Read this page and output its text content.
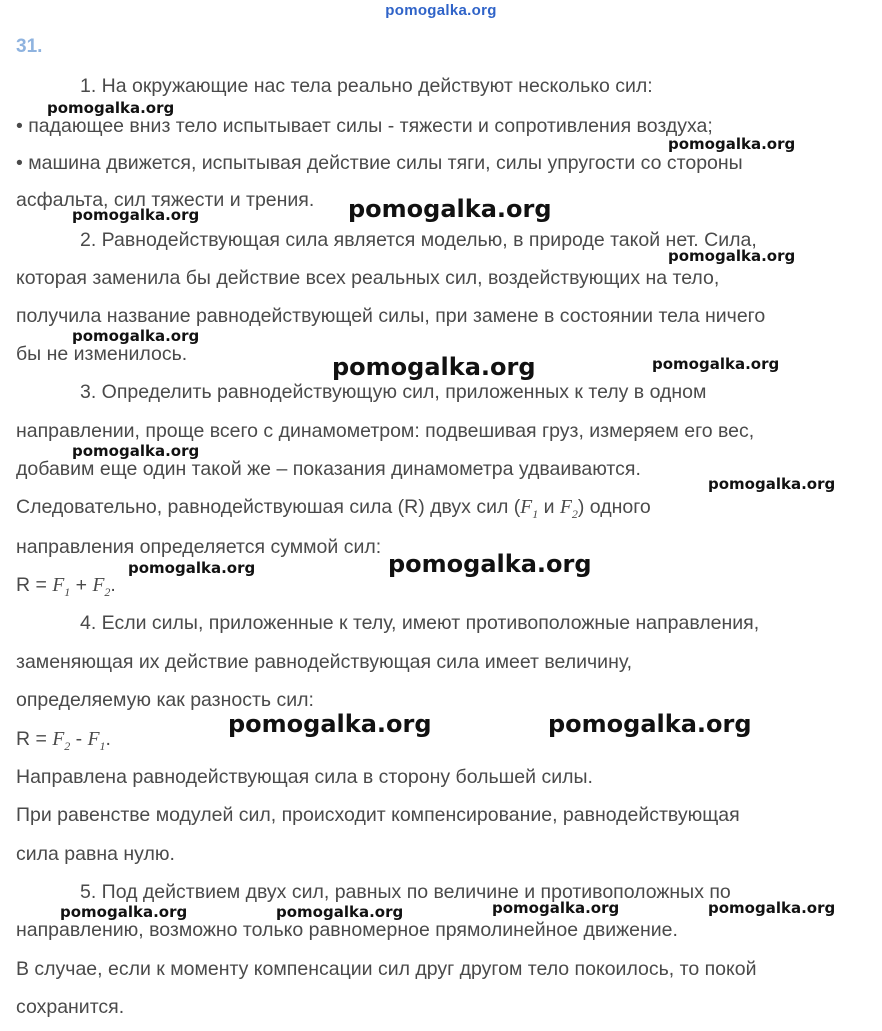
pomogalka.org
31.
1. На окружающие нас тела реально действуют несколько сил:
• падающее вниз тело испытывает силы - тяжести и сопротивления воздуха;
• машина движется, испытывая действие силы тяги, силы упругости со стороны
асфальта, сил тяжести и трения.
2. Равнодействующая сила является моделью, в природе такой нет. Сила,
которая заменила бы действие всех реальных сил, воздействующих на тело,
получила название равнодействующей силы, при замене в состоянии тела ничего
бы не изменилось.
3. Определить равнодействующую сил, приложенных к телу в одном
направлении, проще всего с динамометром: подвешивая груз, измеряем его вес,
добавим еще один такой же – показания динамометра удваиваются.
Следовательно, равнодействуюшая сила (R) двух сил ($F_1$ и $F_2$) одного
направления определяется суммой сил:
$R = F_1 + F_2$.
4. Если силы, приложенные к телу, имеют противоположные направления,
заменяющая их действие равнодействующая сила имеет величину,
определяемую как разность сил:
$R = F_2 - F_1$.
Направлена равнодействующая сила в сторону большей силы.
При равенстве модулей сил, происходит компенсирование, равнодействующая
сила равна нулю.
5. Под действием двух сил, равных по величине и противоположных по
направлению, возможно только равномерное прямолинейное движение.
В случае, если к моменту компенсации сил друг другом тело покоилось, то покой
сохранится.
pomogalka.org
pomogalka.org	pomogalka.org
pomogalka.org
pomogalka.org
pomogalka.org
pomogalka.org	pomogalka.org
pomogalka.org
pomogalka.org
pomogalka.org	pomogalka.org
pomogalka.org	pomogalka.org
pomogalka.org	pomogalka.org	pomogalka.org	pomogalka.org
